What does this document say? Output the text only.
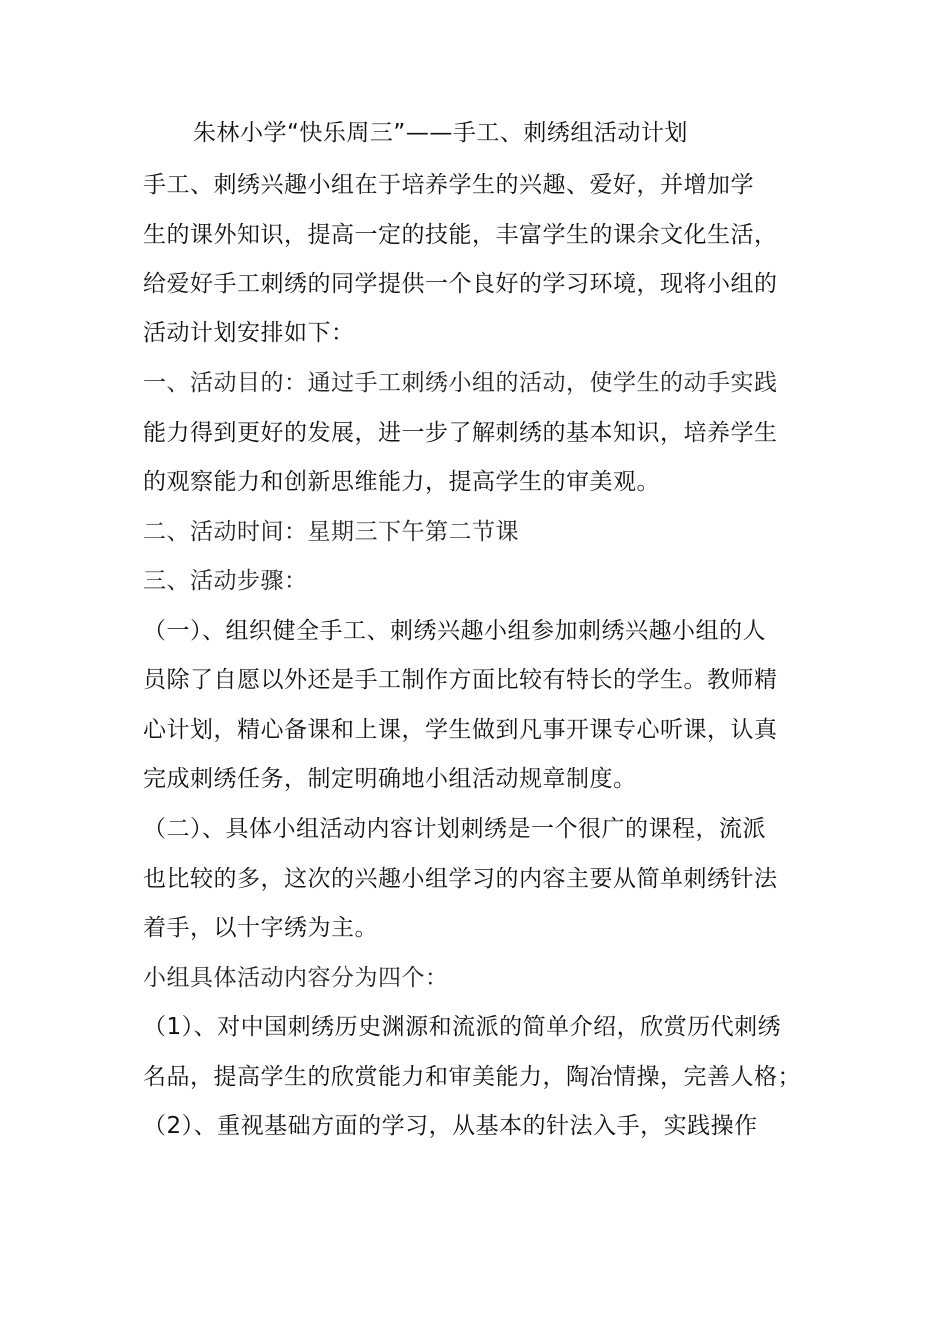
朱林小学“快乐周三”——手工、刺绣组活动计划
手工、刺绣兴趣小组在于培养学生的兴趣、爱好，并增加学
生的课外知识，提高一定的技能，丰富学生的课余文化生活，
给爱好手工刺绣的同学提供一个良好的学习环境，现将小组的
活动计划安排如下：
一、活动目的：通过手工刺绣小组的活动，使学生的动手实践
能力得到更好的发展，进一步了解刺绣的基本知识，培养学生
的观察能力和创新思维能力，提高学生的审美观。
二、活动时间：星期三下午第二节课
三、活动步骤：
（一）、组织健全手工、刺绣兴趣小组参加刺绣兴趣小组的人
员除了自愿以外还是手工制作方面比较有特长的学生。教师精
心计划，精心备课和上课，学生做到凡事开课专心听课，认真
完成刺绣任务，制定明确地小组活动规章制度。
（二）、具体小组活动内容计划刺绣是一个很广的课程，流派
也比较的多，这次的兴趣小组学习的内容主要从简单刺绣针法
着手，以十字绣为主。
小组具体活动内容分为四个：
（1）、对中国刺绣历史渊源和流派的简单介绍，欣赏历代刺绣
名品，提高学生的欣赏能力和审美能力，陶冶情操，完善人格；
（2）、重视基础方面的学习，从基本的针法入手，实践操作
